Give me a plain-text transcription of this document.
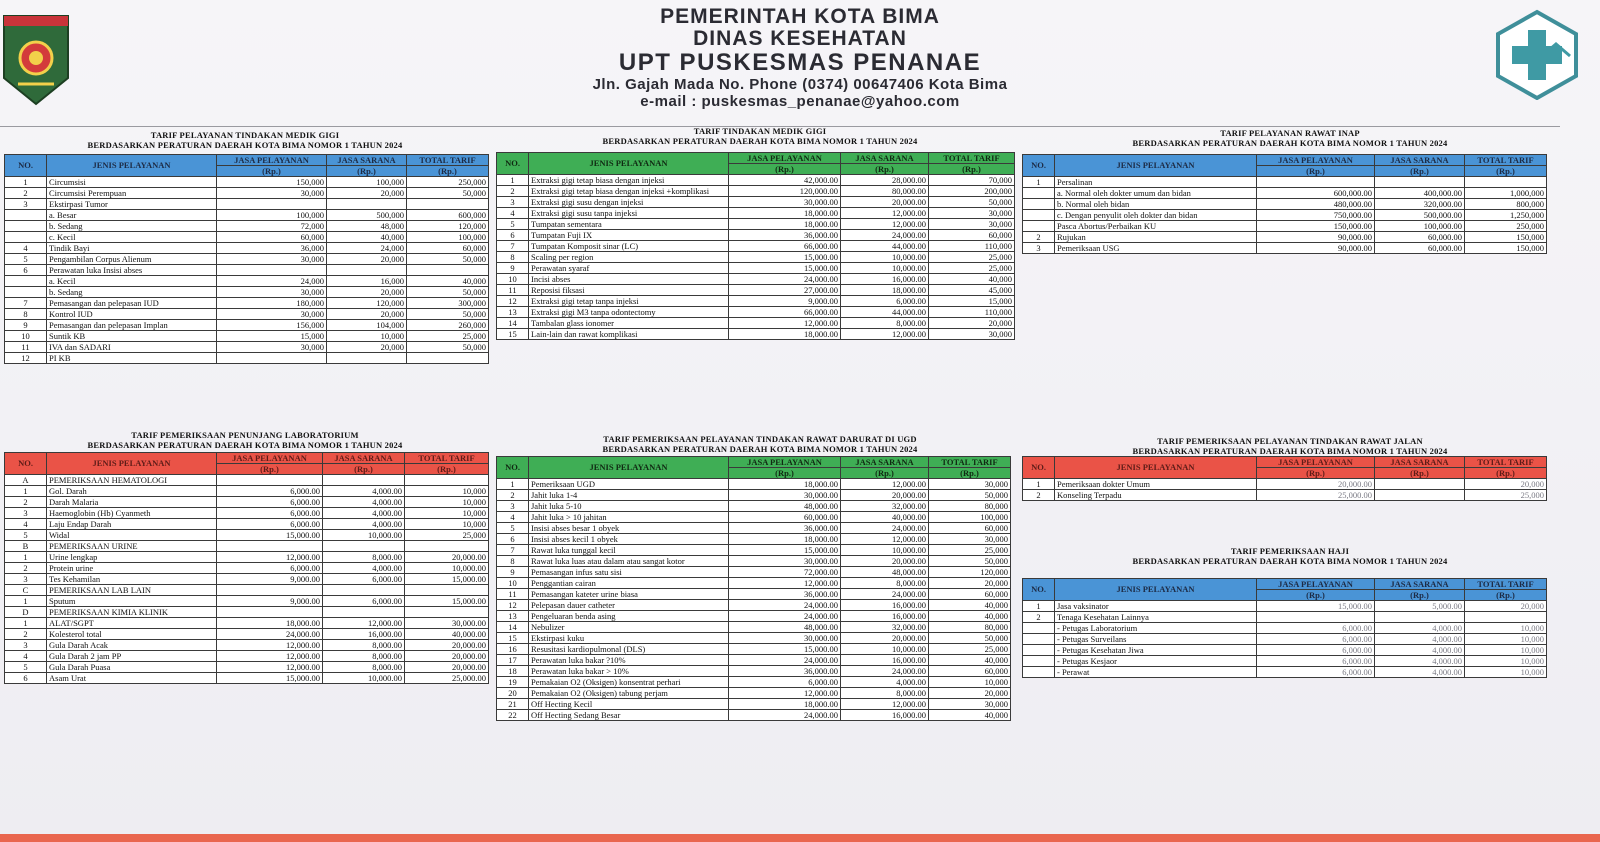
PEMERINTAH KOTA BIMA
DINAS KESEHATAN
UPT PUSKESMAS PENANAE
Jln. Gajah Mada No. Phone (0374) 00647406 Kota Bima
e-mail : puskesmas_penanae@yahoo.com
TARIF PELAYANAN TINDAKAN MEDIK GIGI
BERDASARKAN PERATURAN DAERAH KOTA BIMA NOMOR 1 TAHUN 2024
TARIF TINDAKAN MEDIK GIGI
BERDASARKAN PERATURAN DAERAH KOTA BIMA NOMOR 1 TAHUN 2024
TARIF PELAYANAN RAWAT INAP
BERDASARKAN PERATURAN DAERAH KOTA BIMA NOMOR 1 TAHUN 2024
TARIF PEMERIKSAAN PENUNJANG LABORATORIUM
BERDASARKAN PERATURAN DAERAH KOTA BIMA NOMOR 1 TAHUN 2024
TARIF PEMERIKSAAN PELAYANAN TINDAKAN RAWAT DARURAT DI UGD
BERDASARKAN PERATURAN DAERAH KOTA BIMA NOMOR 1 TAHUN 2024
TARIF PEMERIKSAAN PELAYANAN TINDAKAN RAWAT JALAN
BERDASARKAN PERATURAN DAERAH KOTA BIMA NOMOR 1 TAHUN 2024
TARIF PEMERIKSAAN HAJI
BERDASARKAN PERATURAN DAERAH KOTA BIMA NOMOR 1 TAHUN 2024
NO.	JENIS PELAYANAN	JASA PELAYANAN	JASA SARANA	TOTAL TARIF
		(Rp.)	(Rp.)	(Rp.)
1	Circumsisi	150,000	100,000	250,000
2	Circumsisi Perempuan	30,000	20,000	50,000
3	Ekstirpasi Tumor			
	a. Besar	100,000	500,000	600,000
	b. Sedang	72,000	48,000	120,000
	c. Kecil	60,000	40,000	100,000
4	Tindik Bayi	36,000	24,000	60,000
5	Pengambilan Corpus Alienum	30,000	20,000	50,000
6	Perawatan luka Insisi abses			
	a. Kecil	24,000	16,000	40,000
	b. Sedang	30,000	20,000	50,000
7	Pemasangan dan pelepasan IUD	180,000	120,000	300,000
8	Kontrol IUD	30,000	20,000	50,000
9	Pemasangan dan pelepasan Implan	156,000	104,000	260,000
10	Suntik KB	15,000	10,000	25,000
11	IVA dan SADARI	30,000	20,000	50,000
12	PI KB			
NO.	JENIS PELAYANAN	JASA PELAYANAN	JASA SARANA	TOTAL TARIF
		(Rp.)	(Rp.)	(Rp.)
A	PEMERIKSAAN HEMATOLOGI			
1	Gol. Darah	6,000.00	4,000.00	10,000
2	Darah Malaria	6,000.00	4,000.00	10,000
3	Haemoglobin (Hb) Cyanmeth	6,000.00	4,000.00	10,000
4	Laju Endap Darah	6,000.00	4,000.00	10,000
5	Widal	15,000.00	10,000.00	25,000
B	PEMERIKSAAN URINE			
1	Urine lengkap	12,000.00	8,000.00	20,000.00
2	Protein urine	6,000.00	4,000.00	10,000.00
3	Tes Kehamilan	9,000.00	6,000.00	15,000.00
C	PEMERIKSAAN LAB LAIN			
1	Sputum	9,000.00	6,000.00	15,000.00
D	PEMERIKSAAN KIMIA KLINIK			
1	ALAT/SGPT	18,000.00	12,000.00	30,000.00
2	Kolesterol total	24,000.00	16,000.00	40,000.00
3	Gula Darah Acak	12,000.00	8,000.00	20,000.00
4	Gula Darah 2 jam PP	12,000.00	8,000.00	20,000.00
5	Gula Darah Puasa	12,000.00	8,000.00	20,000.00
6	Asam Urat	15,000.00	10,000.00	25,000.00
NO.	JENIS PELAYANAN	JASA PELAYANAN	JASA SARANA	TOTAL TARIF
		(Rp.)	(Rp.)	(Rp.)
1	Extraksi gigi tetap biasa dengan injeksi	42,000.00	28,000.00	70,000
2	Extraksi gigi tetap biasa dengan injeksi +komplikasi	120,000.00	80,000.00	200,000
3	Extraksi gigi susu dengan injeksi	30,000.00	20,000.00	50,000
4	Extraksi gigi susu tanpa injeksi	18,000.00	12,000.00	30,000
5	Tumpatan sementara	18,000.00	12,000.00	30,000
6	Tumpatan Fuji IX	36,000.00	24,000.00	60,000
7	Tumpatan Komposit sinar (LC)	66,000.00	44,000.00	110,000
8	Scaling per region	15,000.00	10,000.00	25,000
9	Perawatan syaraf	15,000.00	10,000.00	25,000
10	Incisi abses	24,000.00	16,000.00	40,000
11	Reposisi fiksasi	27,000.00	18,000.00	45,000
12	Extraksi gigi tetap tanpa injeksi	9,000.00	6,000.00	15,000
13	Extraksi gigi M3 tanpa odontectomy	66,000.00	44,000.00	110,000
14	Tambalan glass ionomer	12,000.00	8,000.00	20,000
15	Lain-lain dan rawat komplikasi	18,000.00	12,000.00	30,000
NO.	JENIS PELAYANAN	JASA PELAYANAN	JASA SARANA	TOTAL TARIF
		(Rp.)	(Rp.)	(Rp.)
1	Pemeriksaan UGD	18,000.00	12,000.00	30,000
2	Jahit luka 1-4	30,000.00	20,000.00	50,000
3	Jahit luka 5-10	48,000.00	32,000.00	80,000
4	Jahit luka > 10 jahitan	60,000.00	40,000.00	100,000
5	Insisi abses besar 1 obyek	36,000.00	24,000.00	60,000
6	Insisi abses kecil 1 obyek	18,000.00	12,000.00	30,000
7	Rawat luka tunggal kecil	15,000.00	10,000.00	25,000
8	Rawat luka luas atau dalam atau sangat kotor	30,000.00	20,000.00	50,000
9	Pemasangan infus satu sisi	72,000.00	48,000.00	120,000
10	Penggantian cairan	12,000.00	8,000.00	20,000
11	Pemasangan kateter urine biasa	36,000.00	24,000.00	60,000
12	Pelepasan dauer catheter	24,000.00	16,000.00	40,000
13	Pengeluaran benda asing	24,000.00	16,000.00	40,000
14	Nebulizer	48,000.00	32,000.00	80,000
15	Ekstirpasi kuku	30,000.00	20,000.00	50,000
16	Resusitasi kardiopulmonal (DLS)	15,000.00	10,000.00	25,000
17	Perawatan luka bakar ?10%	24,000.00	16,000.00	40,000
18	Perawatan luka bakar > 10%	36,000.00	24,000.00	60,000
19	Pemakaian O2 (Oksigen) konsentrat perhari	6,000.00	4,000.00	10,000
20	Pemakaian O2 (Oksigen) tabung perjam	12,000.00	8,000.00	20,000
21	Off Hecting Kecil	18,000.00	12,000.00	30,000
22	Off Hecting Sedang Besar	24,000.00	16,000.00	40,000
NO.	JENIS PELAYANAN	JASA PELAYANAN	JASA SARANA	TOTAL TARIF
		(Rp.)	(Rp.)	(Rp.)
1	Persalinan			
	a. Normal oleh dokter umum dan bidan	600,000.00	400,000.00	1,000,000
	b. Normal oleh bidan	480,000.00	320,000.00	800,000
	c. Dengan penyulit oleh dokter dan bidan	750,000.00	500,000.00	1,250,000
	Pasca Abortus/Perbaikan KU	150,000.00	100,000.00	250,000
2	Rujukan	90,000.00	60,000.00	150,000
3	Pemeriksaan USG	90,000.00	60,000.00	150,000
NO.	JENIS PELAYANAN	JASA PELAYANAN	JASA SARANA	TOTAL TARIF
		(Rp.)	(Rp.)	(Rp.)
1	Pemeriksaan dokter Umum	20,000.00		20,000
2	Konseling Terpadu	25,000.00		25,000
NO.	JENIS PELAYANAN	JASA PELAYANAN	JASA SARANA	TOTAL TARIF
		(Rp.)	(Rp.)	(Rp.)
1	Jasa vaksinator	15,000.00	5,000.00	20,000
2	Tenaga Kesehatan Lainnya			
	- Petugas Laboratorium	6,000.00	4,000.00	10,000
	- Petugas Surveilans	6,000.00	4,000.00	10,000
	- Petugas Kesehatan Jiwa	6,000.00	4,000.00	10,000
	- Petugas Kesjaor	6,000.00	4,000.00	10,000
	- Perawat	6,000.00	4,000.00	10,000
